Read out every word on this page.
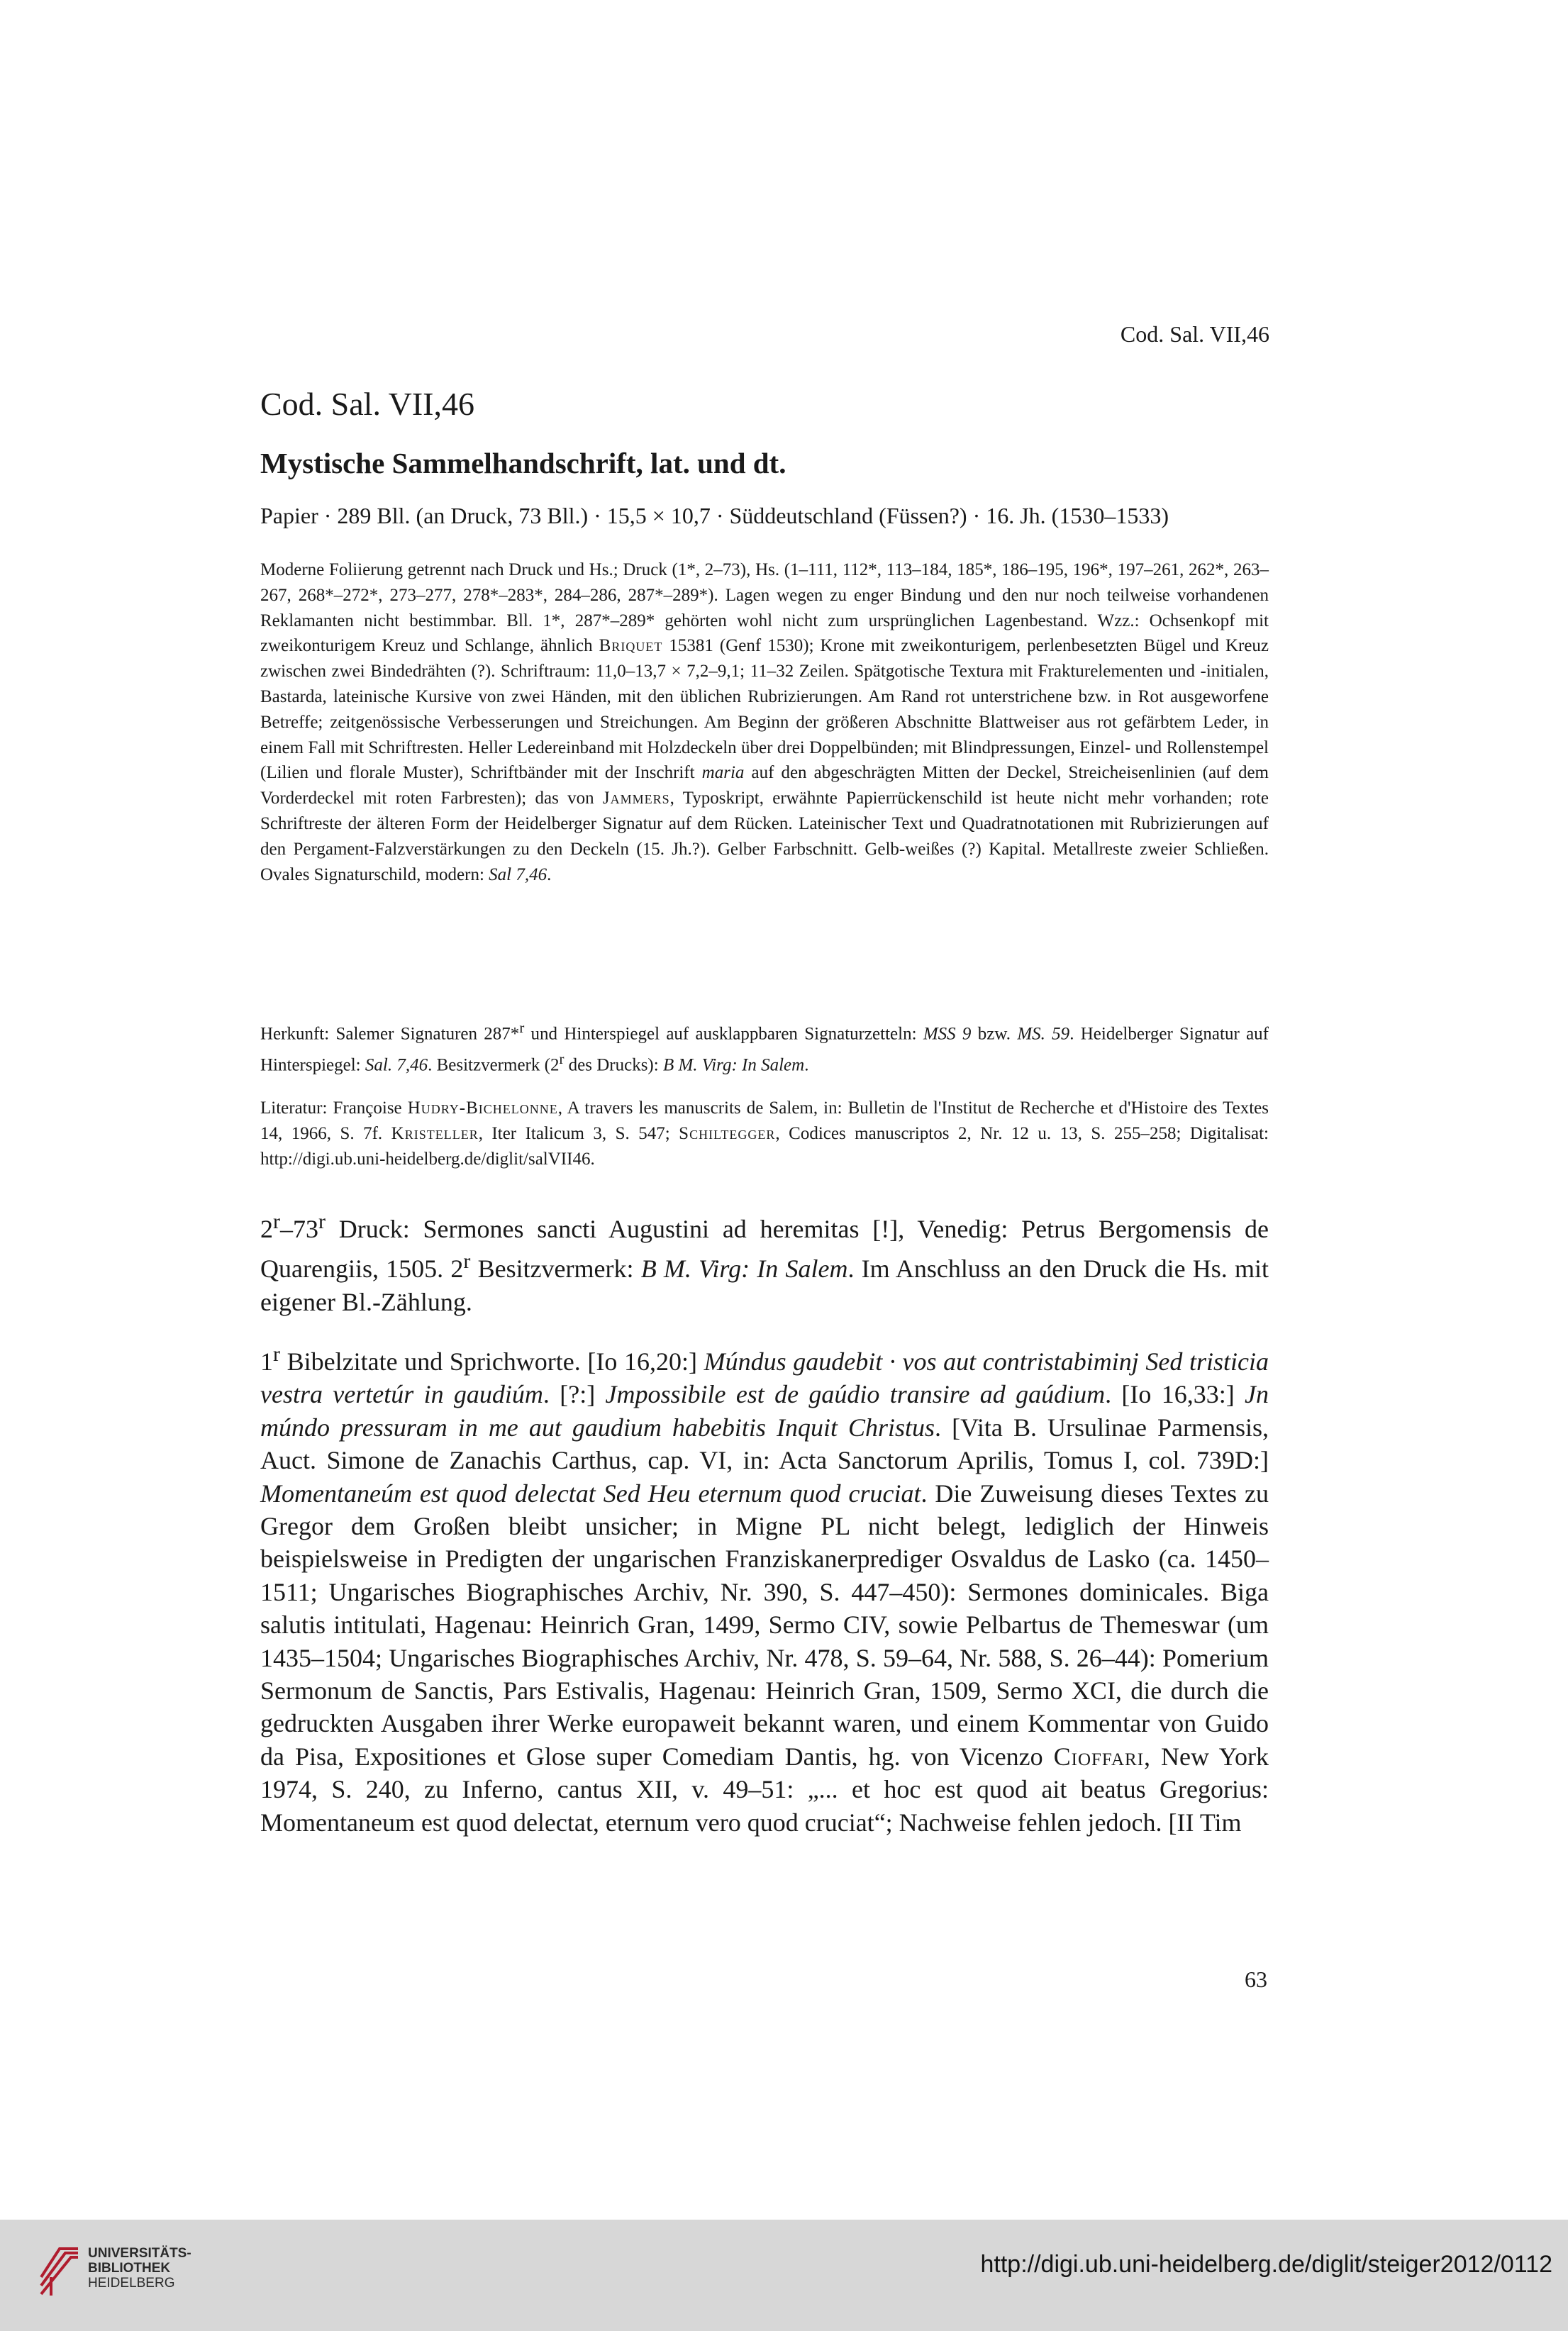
Cod. Sal. VII,46
Cod. Sal. VII,46
Mystische Sammelhandschrift, lat. und dt.
Papier · 289 Bll. (an Druck, 73 Bll.) · 15,5 × 10,7 · Süddeutschland (Füssen?) · 16. Jh. (1530–1533)
Moderne Foliierung getrennt nach Druck und Hs.; Druck (1*, 2–73), Hs. (1–111, 112*, 113–184, 185*, 186–195, 196*, 197–261, 262*, 263–267, 268*–272*, 273–277, 278*–283*, 284–286, 287*–289*). Lagen wegen zu enger Bindung und den nur noch teilweise vorhandenen Reklamanten nicht bestimmbar. Bll. 1*, 287*–289* gehörten wohl nicht zum ursprünglichen Lagenbestand. Wzz.: Ochsenkopf mit zweikonturigem Kreuz und Schlange, ähnlich Briquet 15381 (Genf 1530); Krone mit zweikonturigem, perlenbesetzten Bügel und Kreuz zwischen zwei Bindedrähten (?). Schriftraum: 11,0–13,7 × 7,2–9,1; 11–32 Zeilen. Spätgotische Textura mit Frakturelementen und -initialen, Bastarda, lateinische Kursive von zwei Händen, mit den üblichen Rubrizierungen. Am Rand rot unterstrichene bzw. in Rot ausgeworfene Betreffe; zeitgenössische Verbesserungen und Streichungen. Am Beginn der größeren Abschnitte Blattweiser aus rot gefärbtem Leder, in einem Fall mit Schriftresten. Heller Ledereinband mit Holzdeckeln über drei Doppelbünden; mit Blindpressungen, Einzel- und Rollenstempel (Lilien und florale Muster), Schriftbänder mit der Inschrift maria auf den abgeschrägten Mitten der Deckel, Streicheisenlinien (auf dem Vorderdeckel mit roten Farbresten); das von Jammers, Typoskript, erwähnte Papierrückenschild ist heute nicht mehr vorhanden; rote Schriftreste der älteren Form der Heidelberger Signatur auf dem Rücken. Lateinischer Text und Quadratnotationen mit Rubrizierungen auf den Pergament-Falzverstärkungen zu den Deckeln (15. Jh.?). Gelber Farbschnitt. Gelb-weißes (?) Kapital. Metallreste zweier Schließen. Ovales Signaturschild, modern: Sal 7,46.
Herkunft: Salemer Signaturen 287*$^r$ und Hinterspiegel auf ausklappbaren Signaturzetteln: MSS 9 bzw. MS. 59. Heidelberger Signatur auf Hinterspiegel: Sal. 7,46. Besitzvermerk (2$^r$ des Drucks): B M. Virg: In Salem.
Literatur: Françoise Hudry-Bichelonne, A travers les manuscrits de Salem, in: Bulletin de l'Institut de Recherche et d'Histoire des Textes 14, 1966, S. 7f. Kristeller, Iter Italicum 3, S. 547; Schiltegger, Codices manuscriptos 2, Nr. 12 u. 13, S. 255–258; Digitalisat: http://digi.ub.uni-heidelberg.de/diglit/salVII46.
2$^r$–73$^r$ Druck: Sermones sancti Augustini ad heremitas [!], Venedig: Petrus Bergomensis de Quarengiis, 1505. 2$^r$ Besitzvermerk: B M. Virg: In Salem. Im Anschluss an den Druck die Hs. mit eigener Bl.-Zählung.
1$^r$ Bibelzitate und Sprichworte. [Io 16,20:] Múndus gaudebit · vos aut contristabiminj Sed tristicia vestra vertetúr in gaudiúm. [?:] Jmpossibile est de gaúdio transire ad gaúdium. [Io 16,33:] Jn múndo pressuram in me aut gaudium habebitis Inquit Christus. [Vita B. Ursulinae Parmensis, Auct. Simone de Zanachis Carthus, cap. VI, in: Acta Sanctorum Aprilis, Tomus I, col. 739D:] Momentaneúm est quod delectat Sed Heu eternum quod cruciat. Die Zuweisung dieses Textes zu Gregor dem Großen bleibt unsicher; in Migne PL nicht belegt, lediglich der Hinweis beispielsweise in Predigten der ungarischen Franziskanerprediger Osvaldus de Lasko (ca. 1450–1511; Ungarisches Biographisches Archiv, Nr. 390, S. 447–450): Sermones dominicales. Biga salutis intitulati, Hagenau: Heinrich Gran, 1499, Sermo CIV, sowie Pelbartus de Themeswar (um 1435–1504; Ungarisches Biographisches Archiv, Nr. 478, S. 59–64, Nr. 588, S. 26–44): Pomerium Sermonum de Sanctis, Pars Estivalis, Hagenau: Heinrich Gran, 1509, Sermo XCI, die durch die gedruckten Ausgaben ihrer Werke europaweit bekannt waren, und einem Kommentar von Guido da Pisa, Expositiones et Glose super Comediam Dantis, hg. von Vicenzo Cioffari, New York 1974, S. 240, zu Inferno, cantus XII, v. 49–51: „... et hoc est quod ait beatus Gregorius: Momentaneum est quod delectat, eternum vero quod cruciat“; Nachweise fehlen jedoch. [II Tim
63
UNIVERSITÄTS-
BIBLIOTHEK
HEIDELBERG
http://digi.ub.uni-heidelberg.de/diglit/steiger2012/0112
